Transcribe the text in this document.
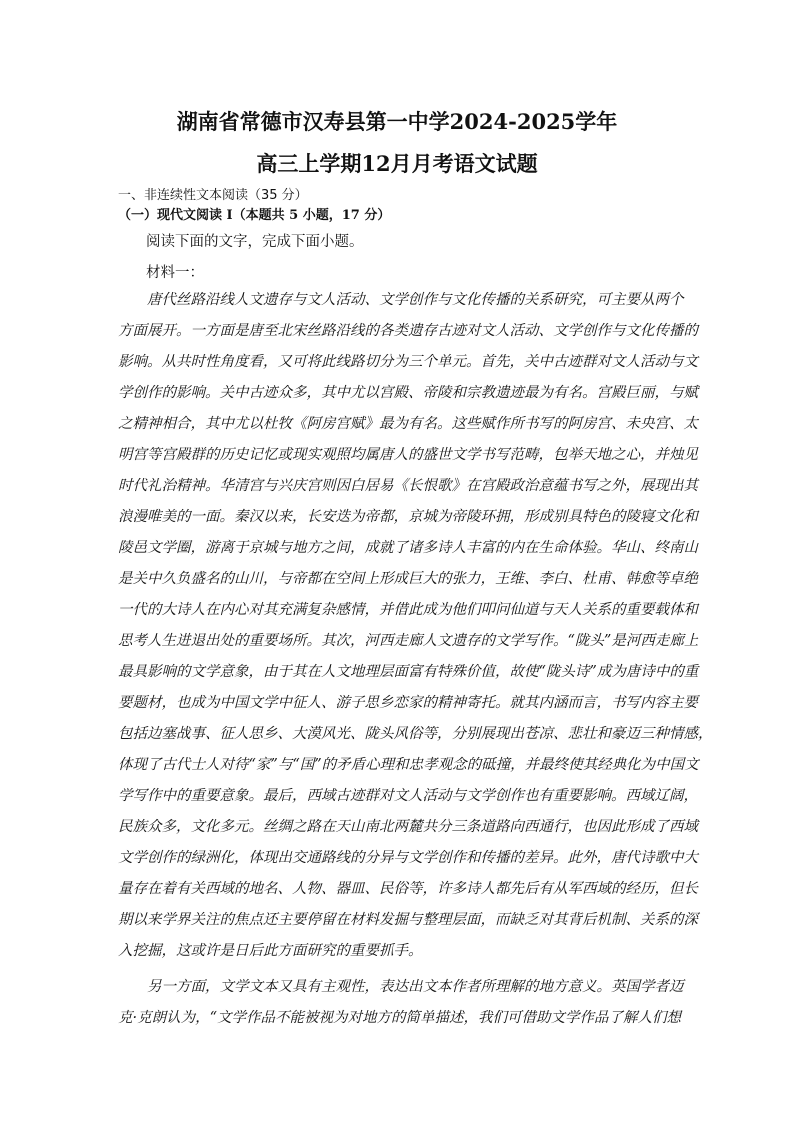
湖南省常德市汉寿县第一中学2024-2025学年
高三上学期12月月考语文试题
一、非连续性文本阅读（35 分）
（一）现代文阅读 I（本题共 5 小题，17 分）
阅读下面的文字，完成下面小题。
材料一：
　　唐代丝路沿线人文遗存与文人活动、文学创作与文化传播的关系研究，可主要从两个
方面展开。一方面是唐至北宋丝路沿线的各类遗存古迹对文人活动、文学创作与文化传播的
影响。从共时性角度看，又可将此线路切分为三个单元。首先，关中古迹群对文人活动与文
学创作的影响。关中古迹众多，其中尤以宫殿、帝陵和宗教遗迹最为有名。宫殿巨丽，与赋
之精神相合，其中尤以杜牧《阿房宫赋》最为有名。这些赋作所书写的阿房宫、未央宫、太
明宫等宫殿群的历史记忆或现实观照均属唐人的盛世文学书写范畴，包举天地之心，并烛见
时代礼治精神。华清宫与兴庆宫则因白居易《长恨歌》在宫殿政治意蕴书写之外，展现出其
浪漫唯美的一面。秦汉以来，长安迭为帝都，京城为帝陵环拥，形成别具特色的陵寝文化和
陵邑文学圈，游离于京城与地方之间，成就了诸多诗人丰富的内在生命体验。华山、终南山
是关中久负盛名的山川，与帝都在空间上形成巨大的张力，王维、李白、杜甫、韩愈等卓绝
一代的大诗人在内心对其充满复杂感情，并借此成为他们叩问仙道与天人关系的重要载体和
思考人生进退出处的重要场所。其次，河西走廊人文遗存的文学写作。“陇头”是河西走廊上
最具影响的文学意象，由于其在人文地理层面富有特殊价值，故使“陇头诗”成为唐诗中的重
要题材，也成为中国文学中征人、游子思乡恋家的精神寄托。就其内涵而言，书写内容主要
包括边塞战事、征人思乡、大漠风光、陇头风俗等，分别展现出苍凉、悲壮和豪迈三种情感，
体现了古代士人对待“家”与“国”的矛盾心理和忠孝观念的砥撞，并最终使其经典化为中国文
学写作中的重要意象。最后，西域古迹群对文人活动与文学创作也有重要影响。西域辽阔，
民族众多，文化多元。丝绸之路在天山南北两麓共分三条道路向西通行，也因此形成了西域
文学创作的绿洲化，体现出交通路线的分异与文学创作和传播的差异。此外，唐代诗歌中大
量存在着有关西域的地名、人物、器皿、民俗等，许多诗人都先后有从军西域的经历，但长
期以来学界关注的焦点还主要停留在材料发掘与整理层面，而缺乏对其背后机制、关系的深
入挖掘，这或许是日后此方面研究的重要抓手。
　　另一方面，文学文本又具有主观性，表达出文本作者所理解的地方意义。英国学者迈
克·克朗认为，“文学作品不能被视为对地方的简单描述，我们可借助文学作品了解人们想
